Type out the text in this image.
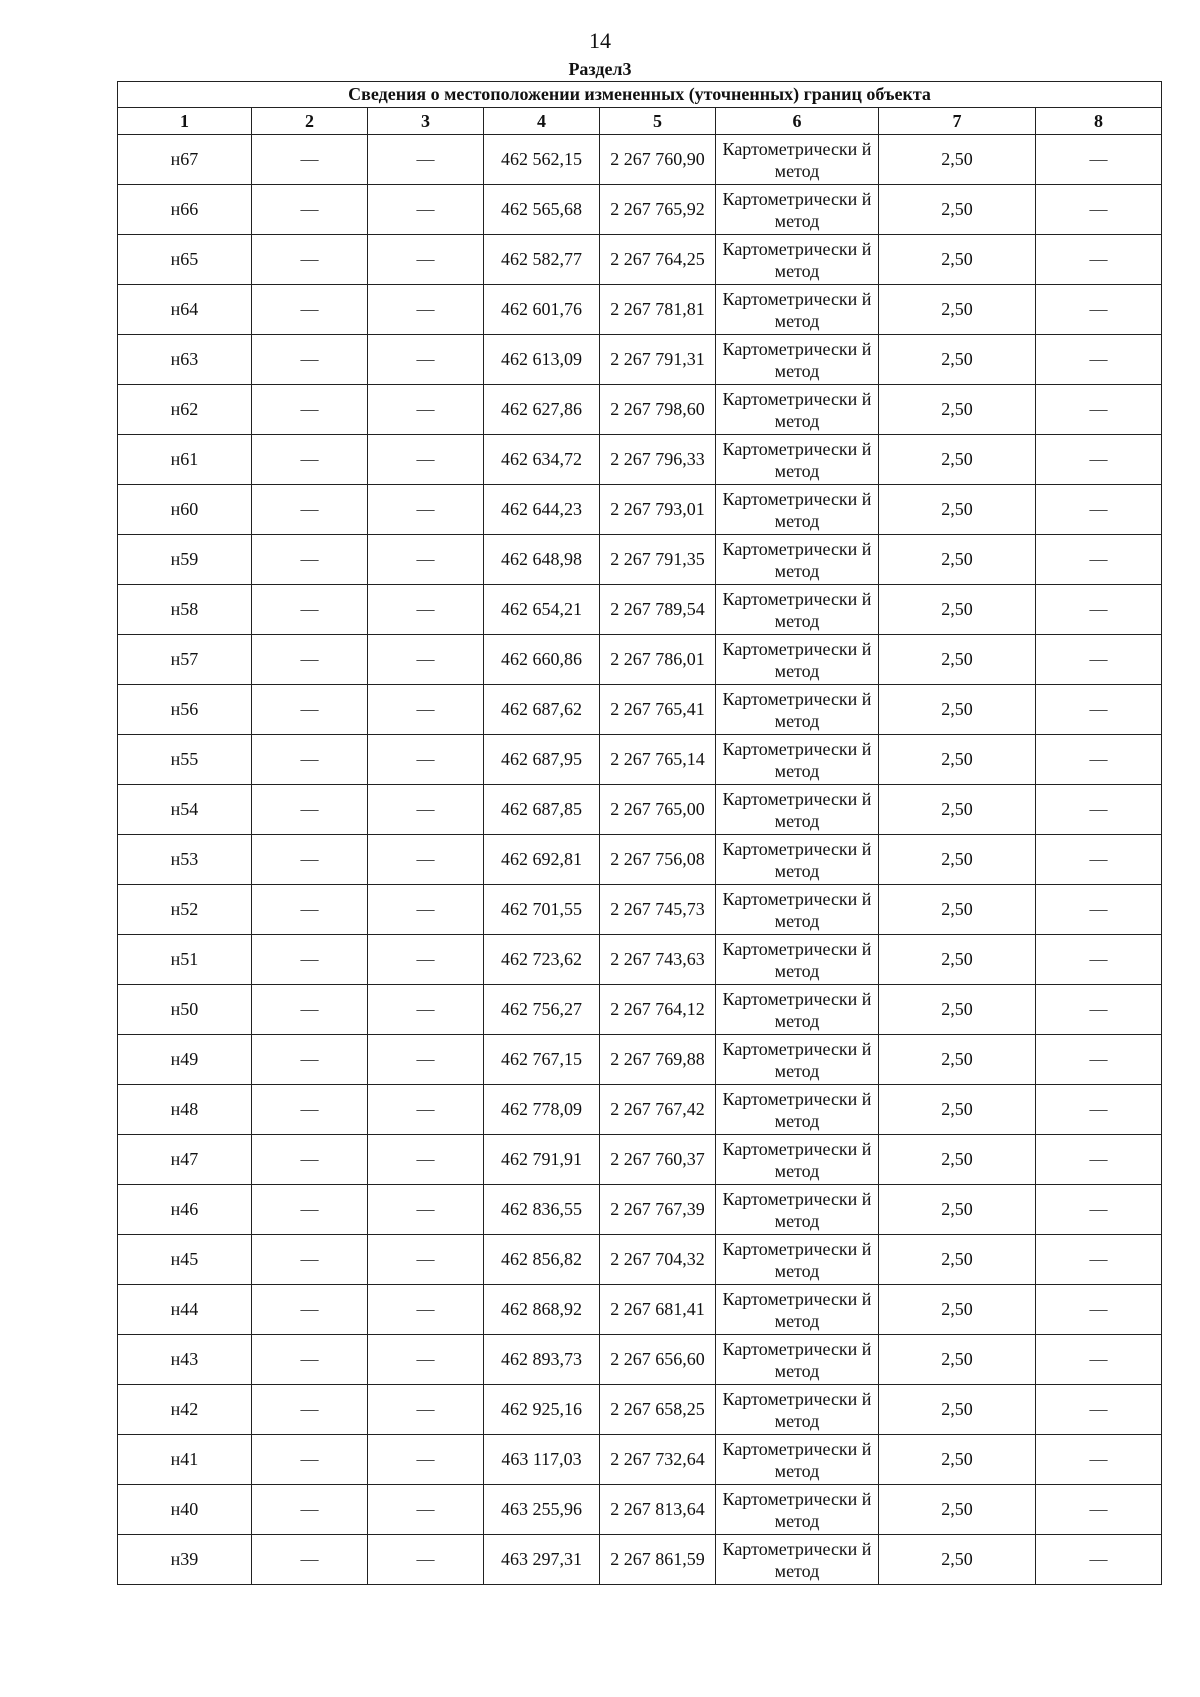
14
Раздел3
Сведения о местоположении измененных (уточненных) границ объекта							
1	2	3	4	5	6	7	8
н67	—	—	462 562,15	2 267 760,90	Картометрически й метод	2,50	—
н66	—	—	462 565,68	2 267 765,92	Картометрически й метод	2,50	—
н65	—	—	462 582,77	2 267 764,25	Картометрически й метод	2,50	—
н64	—	—	462 601,76	2 267 781,81	Картометрически й метод	2,50	—
н63	—	—	462 613,09	2 267 791,31	Картометрически й метод	2,50	—
н62	—	—	462 627,86	2 267 798,60	Картометрически й метод	2,50	—
н61	—	—	462 634,72	2 267 796,33	Картометрически й метод	2,50	—
н60	—	—	462 644,23	2 267 793,01	Картометрически й метод	2,50	—
н59	—	—	462 648,98	2 267 791,35	Картометрически й метод	2,50	—
н58	—	—	462 654,21	2 267 789,54	Картометрически й метод	2,50	—
н57	—	—	462 660,86	2 267 786,01	Картометрически й метод	2,50	—
н56	—	—	462 687,62	2 267 765,41	Картометрически й метод	2,50	—
н55	—	—	462 687,95	2 267 765,14	Картометрически й метод	2,50	—
н54	—	—	462 687,85	2 267 765,00	Картометрически й метод	2,50	—
н53	—	—	462 692,81	2 267 756,08	Картометрически й метод	2,50	—
н52	—	—	462 701,55	2 267 745,73	Картометрически й метод	2,50	—
н51	—	—	462 723,62	2 267 743,63	Картометрически й метод	2,50	—
н50	—	—	462 756,27	2 267 764,12	Картометрически й метод	2,50	—
н49	—	—	462 767,15	2 267 769,88	Картометрически й метод	2,50	—
н48	—	—	462 778,09	2 267 767,42	Картометрически й метод	2,50	—
н47	—	—	462 791,91	2 267 760,37	Картометрически й метод	2,50	—
н46	—	—	462 836,55	2 267 767,39	Картометрически й метод	2,50	—
н45	—	—	462 856,82	2 267 704,32	Картометрически й метод	2,50	—
н44	—	—	462 868,92	2 267 681,41	Картометрически й метод	2,50	—
н43	—	—	462 893,73	2 267 656,60	Картометрически й метод	2,50	—
н42	—	—	462 925,16	2 267 658,25	Картометрически й метод	2,50	—
н41	—	—	463 117,03	2 267 732,64	Картометрически й метод	2,50	—
н40	—	—	463 255,96	2 267 813,64	Картометрически й метод	2,50	—
н39	—	—	463 297,31	2 267 861,59	Картометрически й метод	2,50	—
